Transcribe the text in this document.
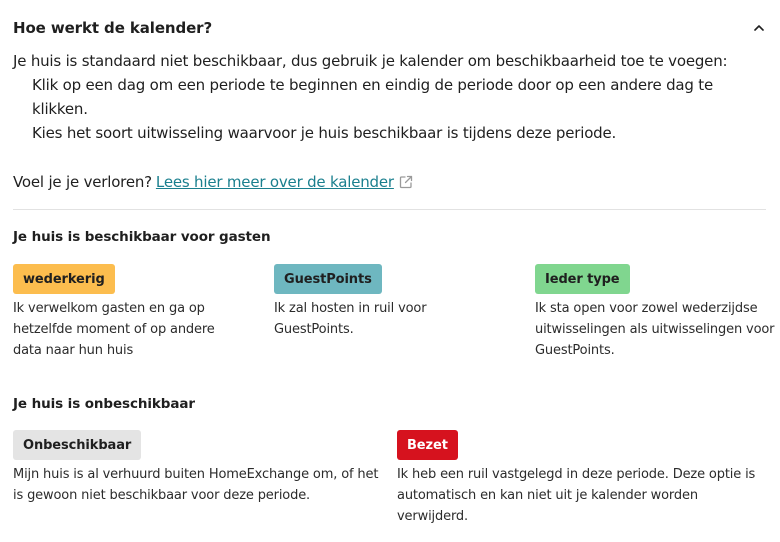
Hoe werkt de kalender?
Je huis is standaard niet beschikbaar, dus gebruik je kalender om beschikbaarheid toe te voegen:
Klik op een dag om een periode te beginnen en eindig de periode door op een andere dag te klikken.
Kies het soort uitwisseling waarvoor je huis beschikbaar is tijdens deze periode.
Voel je je verloren? Lees hier meer over de kalender
Je huis is beschikbaar voor gasten
wederkerig
Ik verwelkom gasten en ga op hetzelfde moment of op andere data naar hun huis
GuestPoints
Ik zal hosten in ruil voor GuestPoints.
Ieder type
Ik sta open voor zowel wederzijdse uitwisselingen als uitwisselingen voor GuestPoints.
Je huis is onbeschikbaar
Onbeschikbaar
Mijn huis is al verhuurd buiten HomeExchange om, of het is gewoon niet beschikbaar voor deze periode.
Bezet
Ik heb een ruil vastgelegd in deze periode. Deze optie is automatisch en kan niet uit je kalender worden verwijderd.
